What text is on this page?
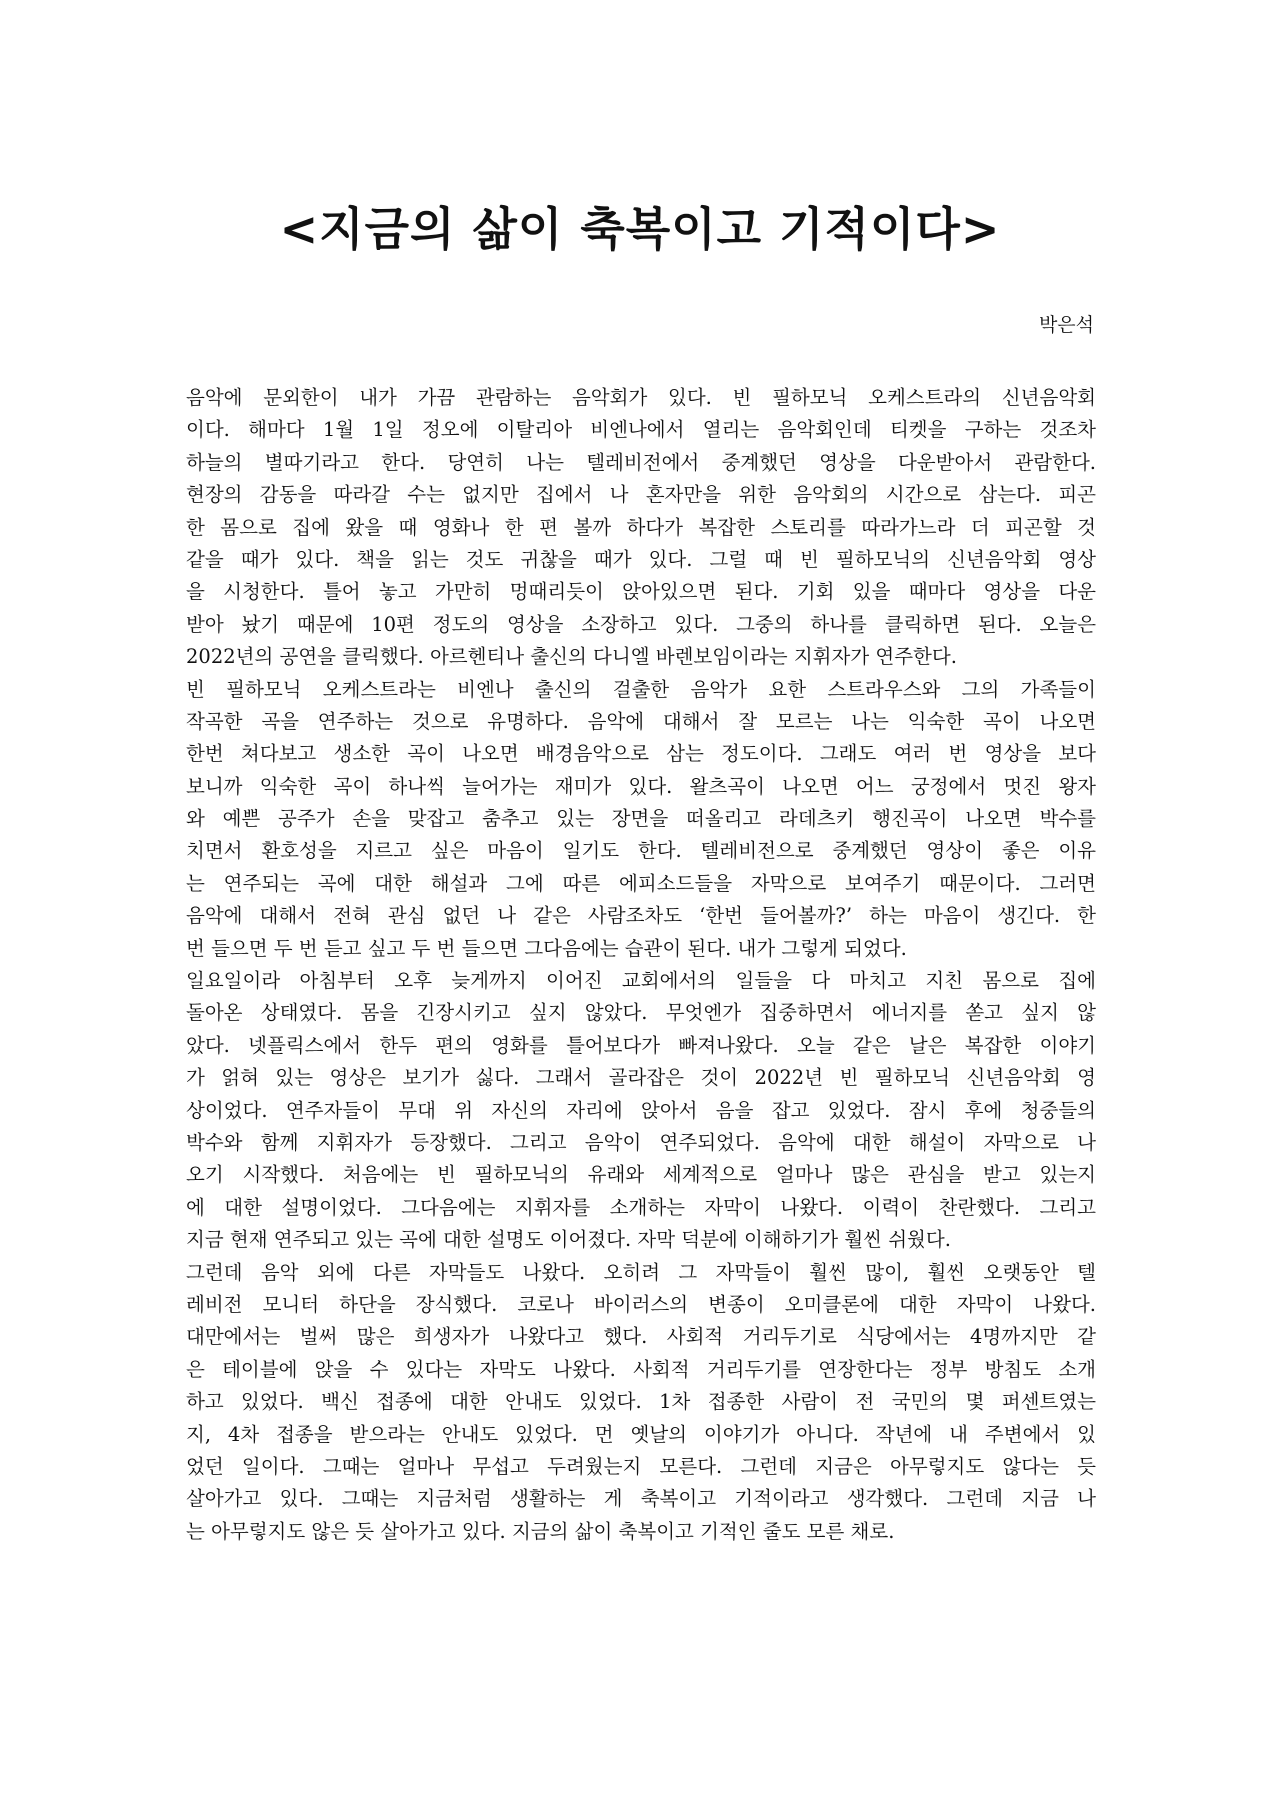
<지금의 삶이 축복이고 기적이다>
박은석
음악에 문외한이 내가 가끔 관람하는 음악회가 있다. 빈 필하모닉 오케스트라의 신년음악회
이다. 해마다 1월 1일 정오에 이탈리아 비엔나에서 열리는 음악회인데 티켓을 구하는 것조차
하늘의 별따기라고 한다. 당연히 나는 텔레비전에서 중계했던 영상을 다운받아서 관람한다.
현장의 감동을 따라갈 수는 없지만 집에서 나 혼자만을 위한 음악회의 시간으로 삼는다. 피곤
한 몸으로 집에 왔을 때 영화나 한 편 볼까 하다가 복잡한 스토리를 따라가느라 더 피곤할 것
같을 때가 있다. 책을 읽는 것도 귀찮을 때가 있다. 그럴 때 빈 필하모닉의 신년음악회 영상
을 시청한다. 틀어 놓고 가만히 멍때리듯이 앉아있으면 된다. 기회 있을 때마다 영상을 다운
받아 놨기 때문에 10편 정도의 영상을 소장하고 있다. 그중의 하나를 클릭하면 된다. 오늘은
2022년의 공연을 클릭했다. 아르헨티나 출신의 다니엘 바렌보임이라는 지휘자가 연주한다.
빈 필하모닉 오케스트라는 비엔나 출신의 걸출한 음악가 요한 스트라우스와 그의 가족들이
작곡한 곡을 연주하는 것으로 유명하다. 음악에 대해서 잘 모르는 나는 익숙한 곡이 나오면
한번 쳐다보고 생소한 곡이 나오면 배경음악으로 삼는 정도이다. 그래도 여러 번 영상을 보다
보니까 익숙한 곡이 하나씩 늘어가는 재미가 있다. 왈츠곡이 나오면 어느 궁정에서 멋진 왕자
와 예쁜 공주가 손을 맞잡고 춤추고 있는 장면을 떠올리고 라데츠키 행진곡이 나오면 박수를
치면서 환호성을 지르고 싶은 마음이 일기도 한다. 텔레비전으로 중계했던 영상이 좋은 이유
는 연주되는 곡에 대한 해설과 그에 따른 에피소드들을 자막으로 보여주기 때문이다. 그러면
음악에 대해서 전혀 관심 없던 나 같은 사람조차도 ‘한번 들어볼까?’ 하는 마음이 생긴다. 한
번 들으면 두 번 듣고 싶고 두 번 들으면 그다음에는 습관이 된다. 내가 그렇게 되었다.
일요일이라 아침부터 오후 늦게까지 이어진 교회에서의 일들을 다 마치고 지친 몸으로 집에
돌아온 상태였다. 몸을 긴장시키고 싶지 않았다. 무엇엔가 집중하면서 에너지를 쏟고 싶지 않
았다. 넷플릭스에서 한두 편의 영화를 틀어보다가 빠져나왔다. 오늘 같은 날은 복잡한 이야기
가 얽혀 있는 영상은 보기가 싫다. 그래서 골라잡은 것이 2022년 빈 필하모닉 신년음악회 영
상이었다. 연주자들이 무대 위 자신의 자리에 앉아서 음을 잡고 있었다. 잠시 후에 청중들의
박수와 함께 지휘자가 등장했다. 그리고 음악이 연주되었다. 음악에 대한 해설이 자막으로 나
오기 시작했다. 처음에는 빈 필하모닉의 유래와 세계적으로 얼마나 많은 관심을 받고 있는지
에 대한 설명이었다. 그다음에는 지휘자를 소개하는 자막이 나왔다. 이력이 찬란했다. 그리고
지금 현재 연주되고 있는 곡에 대한 설명도 이어졌다. 자막 덕분에 이해하기가 훨씬 쉬웠다.
그런데 음악 외에 다른 자막들도 나왔다. 오히려 그 자막들이 훨씬 많이, 훨씬 오랫동안 텔
레비전 모니터 하단을 장식했다. 코로나 바이러스의 변종이 오미클론에 대한 자막이 나왔다.
대만에서는 벌써 많은 희생자가 나왔다고 했다. 사회적 거리두기로 식당에서는 4명까지만 같
은 테이블에 앉을 수 있다는 자막도 나왔다. 사회적 거리두기를 연장한다는 정부 방침도 소개
하고 있었다. 백신 접종에 대한 안내도 있었다. 1차 접종한 사람이 전 국민의 몇 퍼센트였는
지, 4차 접종을 받으라는 안내도 있었다. 먼 옛날의 이야기가 아니다. 작년에 내 주변에서 있
었던 일이다. 그때는 얼마나 무섭고 두려웠는지 모른다. 그런데 지금은 아무렇지도 않다는 듯
살아가고 있다. 그때는 지금처럼 생활하는 게 축복이고 기적이라고 생각했다. 그런데 지금 나
는 아무렇지도 않은 듯 살아가고 있다. 지금의 삶이 축복이고 기적인 줄도 모른 채로.
